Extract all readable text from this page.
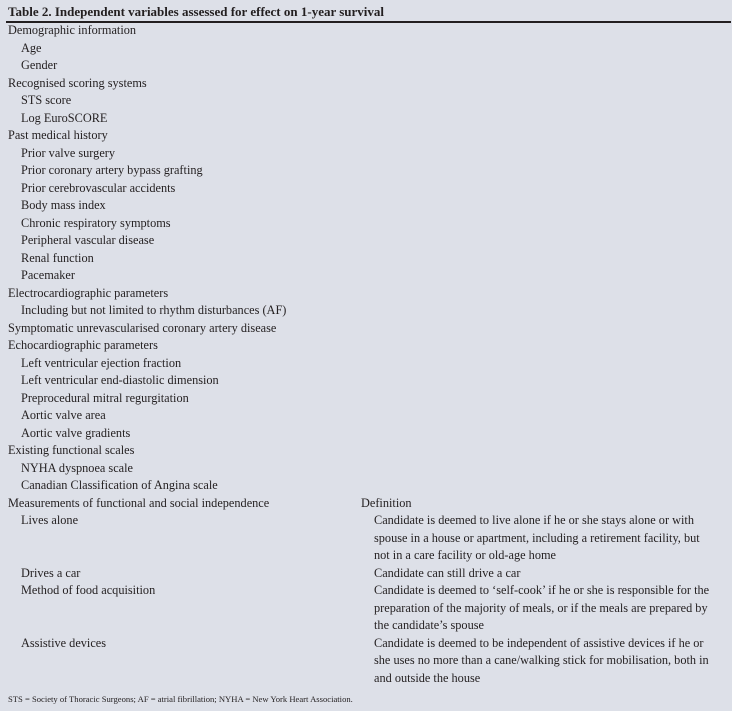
Table 2. Independent variables assessed for effect on 1-year survival
Demographic information
Age
Gender
Recognised scoring systems
STS score
Log EuroSCORE
Past medical history
Prior valve surgery
Prior coronary artery bypass grafting
Prior cerebrovascular accidents
Body mass index
Chronic respiratory symptoms
Peripheral vascular disease
Renal function
Pacemaker
Electrocardiographic parameters
Including but not limited to rhythm disturbances (AF)
Symptomatic unrevascularised coronary artery disease
Echocardiographic parameters
Left ventricular ejection fraction
Left ventricular end-diastolic dimension
Preprocedural mitral regurgitation
Aortic valve area
Aortic valve gradients
Existing functional scales
NYHA dyspnoea scale
Canadian Classification of Angina scale
Measurements of functional and social independence	Definition
Lives alone	Candidate is deemed to live alone if he or she stays alone or with
spouse in a house or apartment, including a retirement facility, but
not in a care facility or old-age home
Drives a car	Candidate can still drive a car
Method of food acquisition	Candidate is deemed to ‘self-cook’ if he or she is responsible for the
preparation of the majority of meals, or if the meals are prepared by
the candidate’s spouse
Assistive devices	Candidate is deemed to be independent of assistive devices if he or
she uses no more than a cane/walking stick for mobilisation, both in
and outside the house
STS = Society of Thoracic Surgeons; AF = atrial fibrillation; NYHA = New York Heart Association.
